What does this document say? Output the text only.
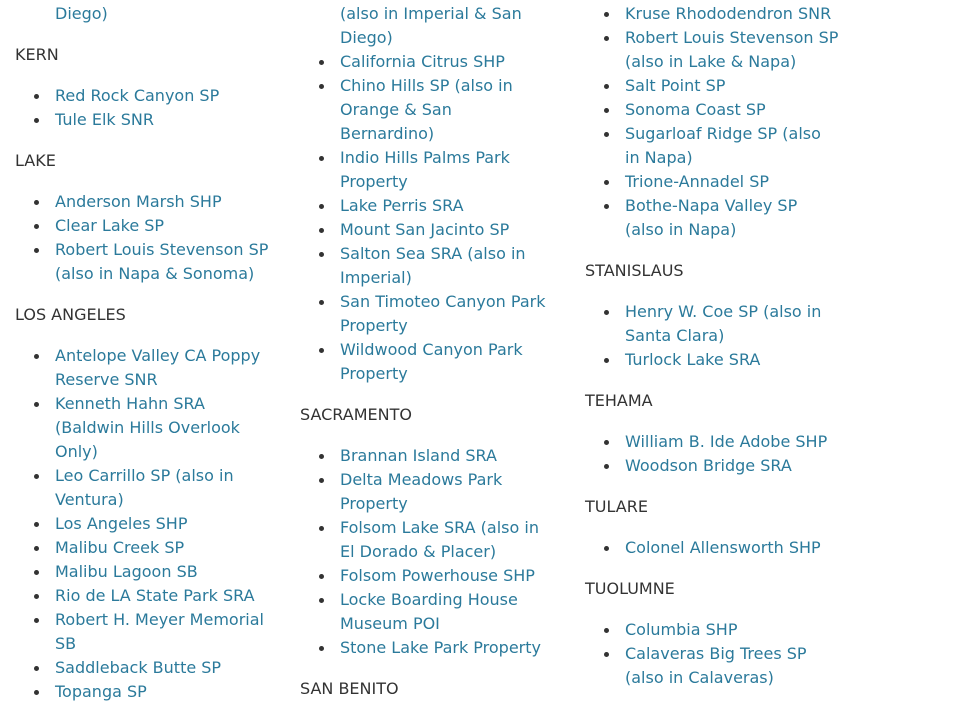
Diego)
KERN
Red Rock Canyon SP
Tule Elk SNR
LAKE
Anderson Marsh SHP
Clear Lake SP
Robert Louis Stevenson SP (also in Napa & Sonoma)
LOS ANGELES
Antelope Valley CA Poppy Reserve SNR
Kenneth Hahn SRA (Baldwin Hills Overlook Only)
Leo Carrillo SP (also in Ventura)
Los Angeles SHP
Malibu Creek SP
Malibu Lagoon SB
Rio de LA State Park SRA
Robert H. Meyer Memorial SB
Saddleback Butte SP
Topanga SP
(also in Imperial & San Diego)
California Citrus SHP
Chino Hills SP (also in Orange & San Bernardino)
Indio Hills Palms Park Property
Lake Perris SRA
Mount San Jacinto SP
Salton Sea SRA (also in Imperial)
San Timoteo Canyon Park Property
Wildwood Canyon Park Property
SACRAMENTO
Brannan Island SRA
Delta Meadows Park Property
Folsom Lake SRA (also in El Dorado & Placer)
Folsom Powerhouse SHP
Locke Boarding House Museum POI
Stone Lake Park Property
SAN BENITO
Kruse Rhododendron SNR
Robert Louis Stevenson SP (also in Lake & Napa)
Salt Point SP
Sonoma Coast SP
Sugarloaf Ridge SP (also in Napa)
Trione-Annadel SP
Bothe-Napa Valley SP (also in Napa)
STANISLAUS
Henry W. Coe SP (also in Santa Clara)
Turlock Lake SRA
TEHAMA
William B. Ide Adobe SHP
Woodson Bridge SRA
TULARE
Colonel Allensworth SHP
TUOLUMNE
Columbia SHP
Calaveras Big Trees SP (also in Calaveras)
